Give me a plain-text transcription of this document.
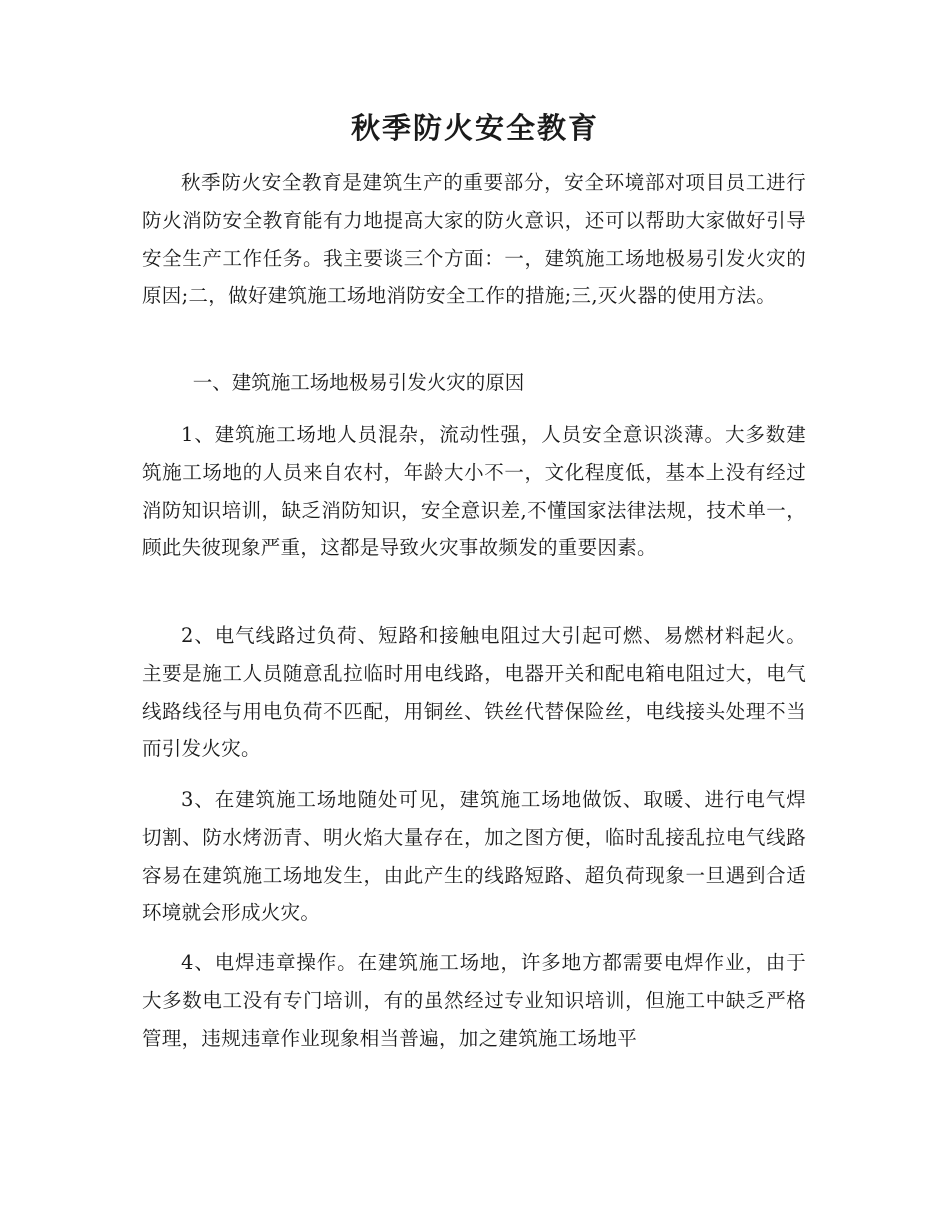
秋季防火安全教育

秋季防火安全教育是建筑生产的重要部分，安全环境部对项目员工进行防火消防安全教育能有力地提高大家的防火意识，还可以帮助大家做好引导安全生产工作任务。我主要谈三个方面：一，建筑施工场地极易引发火灾的原因;二，做好建筑施工场地消防安全工作的措施;三,灭火器的使用方法。

一、建筑施工场地极易引发火灾的原因

1、建筑施工场地人员混杂，流动性强，人员安全意识淡薄。大多数建筑施工场地的人员来自农村，年龄大小不一，文化程度低，基本上没有经过消防知识培训，缺乏消防知识，安全意识差,不懂国家法律法规，技术单一，顾此失彼现象严重，这都是导致火灾事故频发的重要因素。

2、电气线路过负荷、短路和接触电阻过大引起可燃、易燃材料起火。主要是施工人员随意乱拉临时用电线路，电器开关和配电箱电阻过大，电气线路线径与用电负荷不匹配，用铜丝、铁丝代替保险丝，电线接头处理不当而引发火灾。

3、在建筑施工场地随处可见，建筑施工场地做饭、取暖、进行电气焊切割、防水烤沥青、明火焰大量存在，加之图方便，临时乱接乱拉电气线路容易在建筑施工场地发生，由此产生的线路短路、超负荷现象一旦遇到合适环境就会形成火灾。

4、电焊违章操作。在建筑施工场地，许多地方都需要电焊作业，由于大多数电工没有专门培训，有的虽然经过专业知识培训，但施工中缺乏严格管理，违规违章作业现象相当普遍，加之建筑施工场地平
